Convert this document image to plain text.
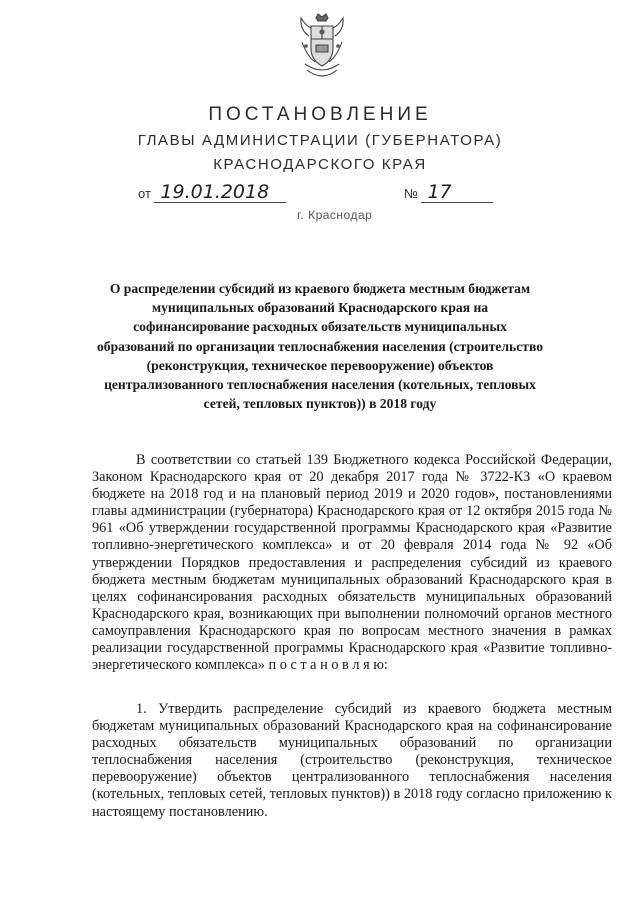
ПОСТАНОВЛЕНИЕ
ГЛАВЫ АДМИНИСТРАЦИИ (ГУБЕРНАТОРА)
КРАСНОДАРСКОГО КРАЯ
от 19.01.2018	№ 17
г. Краснодар
О распределении субсидий из краевого бюджета местным бюджетам муниципальных образований Краснодарского края на софинансирование расходных обязательств муниципальных образований по организации теплоснабжения населения (строительство (реконструкция, техническое перевооружение) объектов централизованного теплоснабжения населения (котельных, тепловых сетей, тепловых пунктов)) в 2018 году
В соответствии со статьей 139 Бюджетного кодекса Российской Федерации, Законом Краснодарского края от 20 декабря 2017 года № 3722-КЗ «О краевом бюджете на 2018 год и на плановый период 2019 и 2020 годов», постановлениями главы администрации (губернатора) Краснодарского края от 12 октября 2015 года № 961 «Об утверждении государственной программы Краснодарского края «Развитие топливно-энергетического комплекса» и от 20 февраля 2014 года № 92 «Об утверждении Порядков предоставления и распределения субсидий из краевого бюджета местным бюджетам муниципальных образований Краснодарского края в целях софинансирования расходных обязательств муниципальных образований Краснодарского края, возникающих при выполнении полномочий органов местного самоуправления Краснодарского края по вопросам местного значения в рамках реализации государственной программы Краснодарского края «Развитие топливно-энергетического комплекса» п о с т а н о в л я ю:
1. Утвердить распределение субсидий из краевого бюджета местным бюджетам муниципальных образований Краснодарского края на софинансирование расходных обязательств муниципальных образований по организации теплоснабжения населения (строительство (реконструкция, техническое перевооружение) объектов централизованного теплоснабжения населения (котельных, тепловых сетей, тепловых пунктов)) в 2018 году согласно приложению к настоящему постановлению.
